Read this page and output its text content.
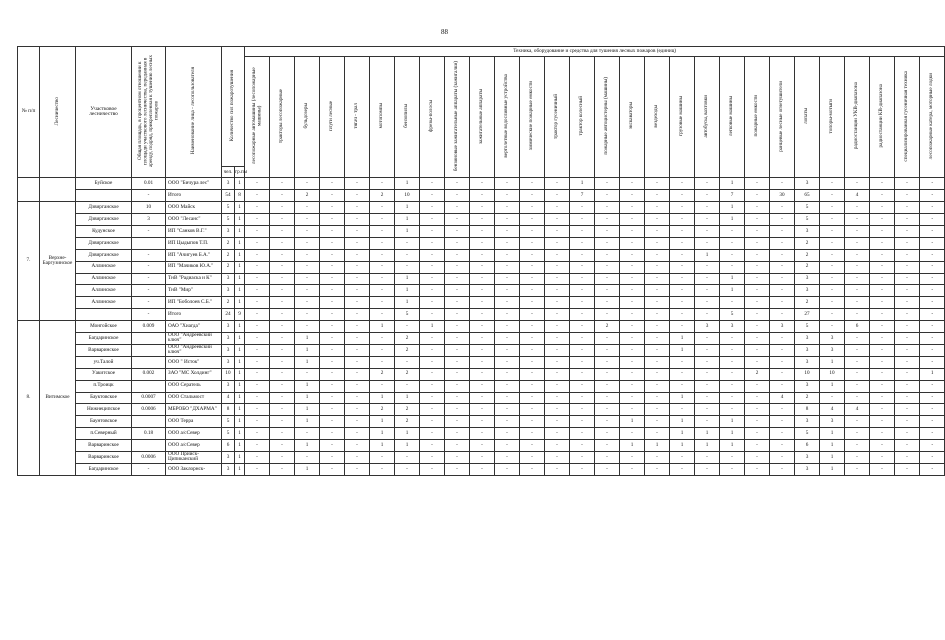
88
№ п/п	Лесничество	Участковое лесничество	Общая площадь, в процентном отношении к площади участкового лесничества, переданная в аренду, подряд, прикрепленная к тушению лесных пожаров	Наименование лица - лесопользователя	Количество сил пожаротушения		Техника, оборудование и средства для тушения лесных пожаров (единиц)																											
							лесопожарные автомашины (лесопожарные машины)	тракторы лесопожарные	бульдозеры	плуги лесные	тягач - трал	мотопомпы	бензопилы	фрезы-полосы	бензиновые зажигательные аппараты (зажигалки)	зажигательные аппараты	вертолетные водосливные устройства	химические пожарные емкости	трактор гусеничный	трактор колесный	пожарные автоцистерны (машины)	экскаваторы	вездеходы	грузовые машины	автобусы, вахтовки	легковые машины	пожарные емкости	ранцевые лесные огнетушители	лопаты	топоры-мотыги	радиостанции УКВ-диапазона	радиостанции КВ-диапазона	специализированная гусеничная техника	лесопожарные катера, моторные лодки
					чел.	гр.пм																												
		Буйское	0.01	ООО "Бичура лес"	3	1	-	-	-	-	-	-	1	-	-	-	-	-	-	1	-	-	-	-	-	1	-	-	3	-	-	-	-	-
			-	Итого	54	8	-	-	2	-	-	2	10	-	-	-	-	-	-	7	-	-	-	-	-	7	-	30	65	-	4	-	-	-
7.	Верхне-Баргузинское	Дзвирганское	10	ООО Майск	5	1	-	-	-	-	-	-	1	-	-	-	-	-	-	-	-	-	-	-	-	1	-	-	5	-	-	-	-	-
		Дзвирганское	3	ООО "Лесанс"	5	1	-	-	-	-	-	-	1	-	-	-	-	-	-	-	-	-	-	-	-	1	-	-	5	-	-	-	-	-
		Кудунское	-	ИП "Санков В.Г."	3	1	-	-	-	-	-	-	1	-	-	-	-	-	-	-	-	-	-	-	-	-	-	-	3	-	-	-	-	-
		Дзвирганское		ИП Цыдыпов Т.П.	2	1	-	-	-	-	-	-	-	-	-	-	-	-	-	-	-	-	-	-	-	-	-	-	2	-	-	-	-	-
		Дзвирганское	-	ИП "Ачигуев Б.А."	2	1	-	-	-	-	-	-	-	-	-	-	-	-	-	-	-	-	-	-	1	-	-	-	2	-	-	-	-	-
		Аллинское	-	ИП "Мачиков Ю.А."	2	1	-	-	-	-	-	-	-	-	-	-	-	-	-	-	-	-	-	-	-	-	-	-	2	-	-	-	-	-
		Аллинское	-	ТнВ "Радиаска и К"	3	1	-	-	-	-	-	-	1	-	-	-	-	-	-	-	-	-	-	-	-	1	-	-	3	-	-	-	-	-
		Аллинское	-	ТнВ "Мир"	3	1	-	-	-	-	-	-	1	-	-	-	-	-	-	-	-	-	-	-	-	1	-	-	3	-	-	-	-	-
		Аллинское	-	ИП "Боболоев С.Б."	2	1	-	-	-	-	-	-	1	-	-	-	-	-	-	-	-	-	-	-	-	-	-	-	2	-	-	-	-	-
			-	Итого	24	9	-	-	-	-	-	-	5	-	-	-	-	-	-	-	-	-	-	-	-	5	-	-	27	-	-	-	-	-
8.	Витимское	Монгойское	0.009	ОАО "Хиагда"	3	1	-	-	-	-	-	1	-	1	-	-	-	-	-	-	2	-	-	-	3	3	-	3	5	-	6	-	-	-
		Багдаринское		ООО "Андреевский ключ"	3	1	-	-	1	-	-	-	2	-	-	-	-	-	-	-	-	-	-	1	-	-	-	-	3	3	-	-	-	-
		Варваринское		ООО "Андреевский ключ"	3	1	-	-	1	-	-	-	2	-	-	-	-	-	-	-	-	-	-	1	-	-	-	-	3	3	-	-	-	-
		уч.Талой		ООО " Исток"	3	1	-	-	1	-	-	-	-	-	-	-	-	-	-	-	-	-	-	-	-	-	-	-	3	1	-	-	-	-
		Уакитское	0.002	ЗАО "МС Холдинг"	10	1	-	-	-	-	-	2	2	-	-	-	-	-	-	-	-	-	-	-	-	-	2	-	10	10	-	-	-	1
		п.Троицк		ООО Сератель	3	1	-	-	1	-	-	-	-	-	-	-	-	-	-	-	-	-	-	-	-	-	-	-	3	1	-	-	-	-
		Бауктовское	0.0007	ООО Стальмост	4	1	-	-	1	-	-	1	1	-	-	-	-	-	-	-	-	-	-	1	-	-	-	4	2	-	-	-	-	-
		Нижнеципское	0.0006	МБРОБО "ДХАРМА"	8	1	-	-	1	-	-	2	2	-	-	-	-	-	-	-	-	-	-	-	-	-	-	-	8	4	4	-	-	-
		Баунтовское		ООО Терра	5	1	-	-	1	-	-	1	2	-	-	-	-	-	-	-	-	1	-	1	-	1	-	-	3	3	-	-	-	-
		п.Северный	0.18	ООО а/сСевер	5	1	-	-	-	-	-	1	1	-	-	-	-	-	-	-	-	-	-	1	1	1	-	-	5	1	-	-	-	-
		Варваринское		ООО а/сСевер	6	1	-	-	1	-	-	1	1	-	-	-	-	-	-	-	-	1	1	1	1	1	-	-	6	1	-	-	-	-
		Варваринское	0.0006	ООО Прииск-Ципиканский	3	1	-	-	-	-	-	-	-	-	-	-	-	-	-	-	-	-	-	-	-	-	-	-	3	1	-	-	-	-
		Багдаринское	-	ООО Заклорнск-	3	1	-	-	1	-	-	-	-	-	-	-	-	-	-	-	-	-	-	-	-	-	-	-	3	1	-	-	-	-
